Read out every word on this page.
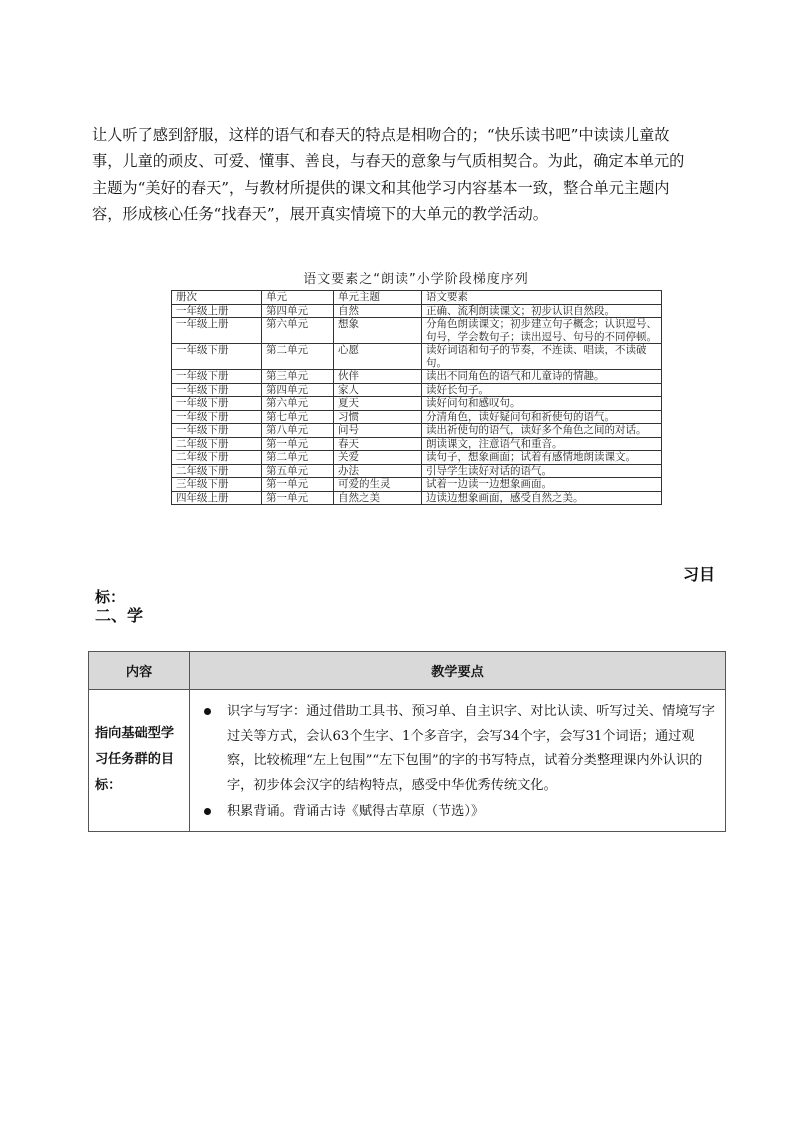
让人听了感到舒服，这样的语气和春天的特点是相吻合的；“快乐读书吧”中读读儿童故

事，儿童的顽皮、可爱、懂事、善良，与春天的意象与气质相契合。为此，确定本单元的

主题为“美好的春天”，与教材所提供的课文和其他学习内容基本一致，整合单元主题内

容，形成核心任务“找春天”，展开真实情境下的大单元的教学活动。

语文要素之“朗读”小学阶段梯度序列
册次	单元	单元主题	语文要素
一年级上册	第四单元	自然	正确、流利朗读课文；初步认识自然段。
一年级上册	第六单元	想象	分角色朗读课文；初步建立句子概念；认识逗号、句号，学会数句子；读出逗号、句号的不同停顿。
一年级下册	第二单元	心愿	读好词语和句子的节奏，不连读、唱读，不读破句。
一年级下册	第三单元	伙伴	读出不同角色的语气和儿童诗的情趣。
一年级下册	第四单元	家人	读好长句子。
一年级下册	第六单元	夏天	读好问句和感叹句。
一年级下册	第七单元	习惯	分清角色，读好疑问句和祈使句的语气。
一年级下册	第八单元	问号	读出祈使句的语气，读好多个角色之间的对话。
二年级下册	第一单元	春天	朗读课文，注意语气和重音。
二年级下册	第二单元	关爱	读句子，想象画面；试着有感情地朗读课文。
二年级下册	第五单元	办法	引导学生读好对话的语气。
三年级下册	第一单元	可爱的生灵	试着一边读一边想象画面。
四年级上册	第一单元	自然之美	边读边想象画面，感受自然之美。
习目
标：
二、学
内容	教学要点
指向基础型学习任务群的目标：	识字与写字：通过借助工具书、预习单、自主识字、对比认读、听写过关、情境写字过关等方式，会认63个生字、1个多音字，会写34个字，会写31个词语；通过观察，比较梳理“左上包围”“左下包围”的字的书写特点，试着分类整理课内外认识的字，初步体会汉字的结构特点，感受中华优秀传统文化。
积累背诵。背诵古诗《赋得古草原（节选）》
